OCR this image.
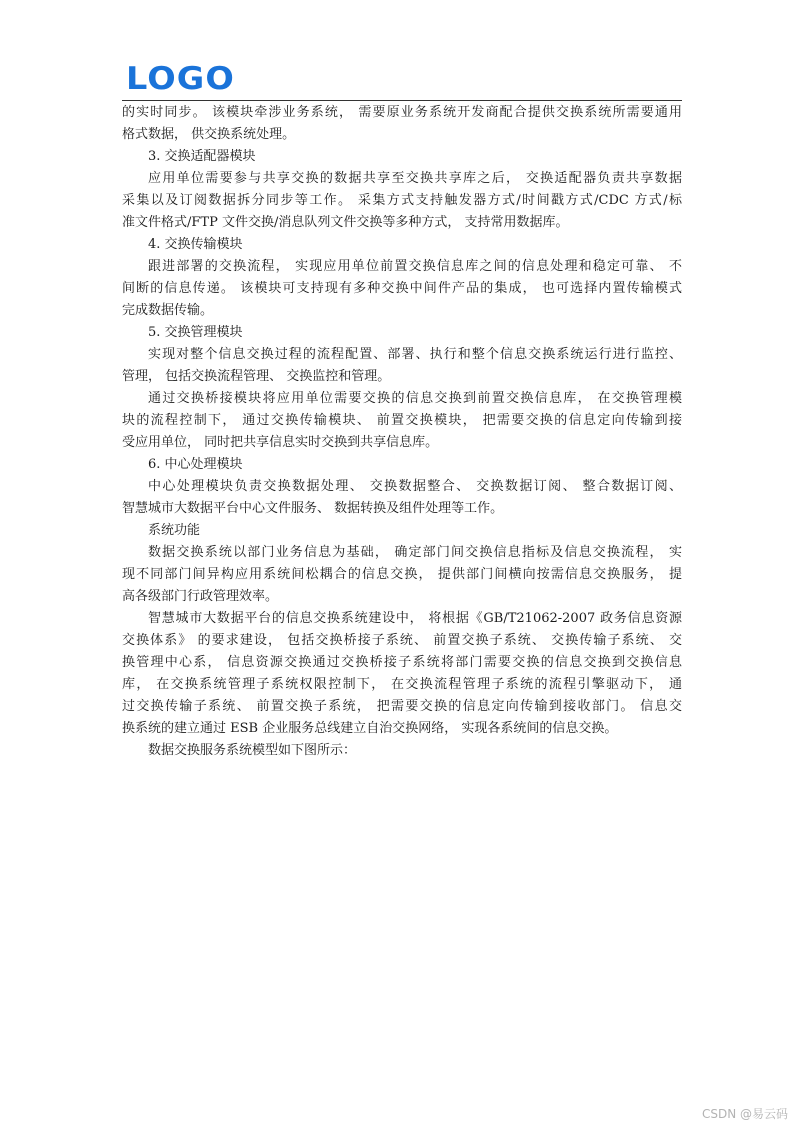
LOGO
的实时同步。 该模块牵涉业务系统， 需要原业务系统开发商配合提供交换系统所需要通用
格式数据， 供交换系统处理。
3. 交换适配器模块
应用单位需要参与共享交换的数据共享至交换共享库之后， 交换适配器负责共享数据
采集以及订阅数据拆分同步等工作。 采集方式支持触发器方式/时间戳方式/CDC 方式/标
准文件格式/FTP 文件交换/消息队列文件交换等多种方式， 支持常用数据库。
4. 交换传输模块
跟进部署的交换流程， 实现应用单位前置交换信息库之间的信息处理和稳定可靠、 不
间断的信息传递。 该模块可支持现有多种交换中间件产品的集成， 也可选择内置传输模式
完成数据传输。
5. 交换管理模块
实现对整个信息交换过程的流程配置、部署、执行和整个信息交换系统运行进行监控、
管理， 包括交换流程管理、 交换监控和管理。
通过交换桥接模块将应用单位需要交换的信息交换到前置交换信息库， 在交换管理模
块的流程控制下， 通过交换传输模块、 前置交换模块， 把需要交换的信息定向传输到接
受应用单位， 同时把共享信息实时交换到共享信息库。
6. 中心处理模块
中心处理模块负责交换数据处理、 交换数据整合、 交换数据订阅、 整合数据订阅、
智慧城市大数据平台中心文件服务、 数据转换及组件处理等工作。
系统功能
数据交换系统以部门业务信息为基础， 确定部门间交换信息指标及信息交换流程， 实
现不同部门间异构应用系统间松耦合的信息交换， 提供部门间横向按需信息交换服务， 提
高各级部门行政管理效率。
智慧城市大数据平台的信息交换系统建设中， 将根据《GB/T21062-2007 政务信息资源
交换体系》 的要求建设， 包括交换桥接子系统、 前置交换子系统、 交换传输子系统、 交
换管理中心系， 信息资源交换通过交换桥接子系统将部门需要交换的信息交换到交换信息
库， 在交换系统管理子系统权限控制下， 在交换流程管理子系统的流程引擎驱动下， 通
过交换传输子系统、 前置交换子系统， 把需要交换的信息定向传输到接收部门。 信息交
换系统的建立通过 ESB 企业服务总线建立自治交换网络， 实现各系统间的信息交换。
数据交换服务系统模型如下图所示：
CSDN @易云码
